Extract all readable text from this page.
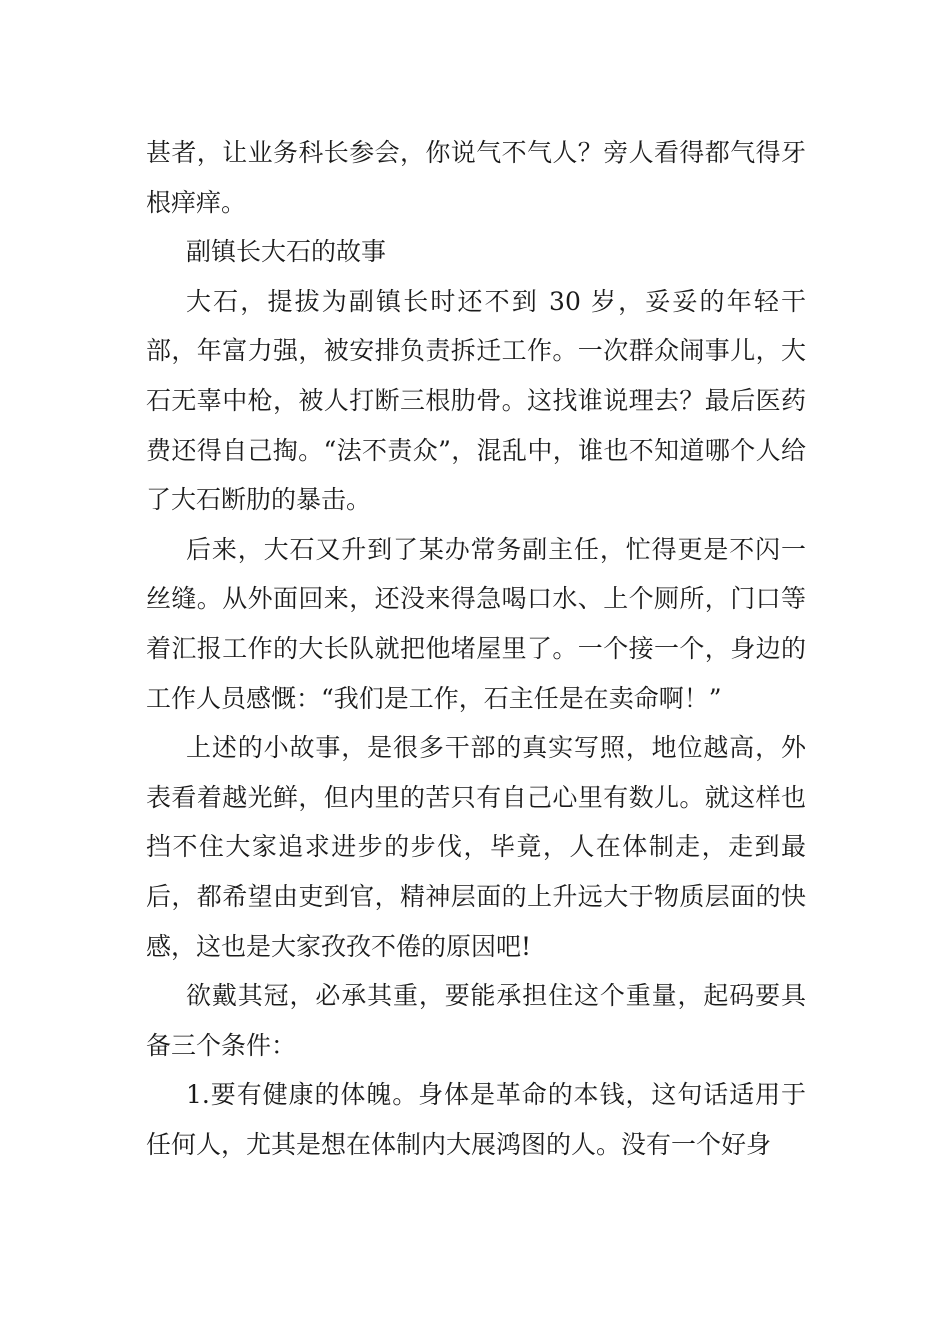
甚者，让业务科长参会，你说气不气人？旁人看得都气得牙根痒痒。

副镇长大石的故事

大石，提拔为副镇长时还不到 30 岁，妥妥的年轻干部，年富力强，被安排负责拆迁工作。一次群众闹事儿，大石无辜中枪，被人打断三根肋骨。这找谁说理去？最后医药费还得自己掏。“法不责众”，混乱中，谁也不知道哪个人给了大石断肋的暴击。

后来，大石又升到了某办常务副主任，忙得更是不闪一丝缝。从外面回来，还没来得急喝口水、上个厕所，门口等着汇报工作的大长队就把他堵屋里了。一个接一个，身边的工作人员感慨：“我们是工作，石主任是在卖命啊！”

上述的小故事，是很多干部的真实写照，地位越高，外表看着越光鲜，但内里的苦只有自己心里有数儿。就这样也挡不住大家追求进步的步伐，毕竟，人在体制走，走到最后，都希望由吏到官，精神层面的上升远大于物质层面的快感，这也是大家孜孜不倦的原因吧!

欲戴其冠，必承其重，要能承担住这个重量，起码要具备三个条件：

1.要有健康的体魄。身体是革命的本钱，这句话适用于任何人，尤其是想在体制内大展鸿图的人。没有一个好身
